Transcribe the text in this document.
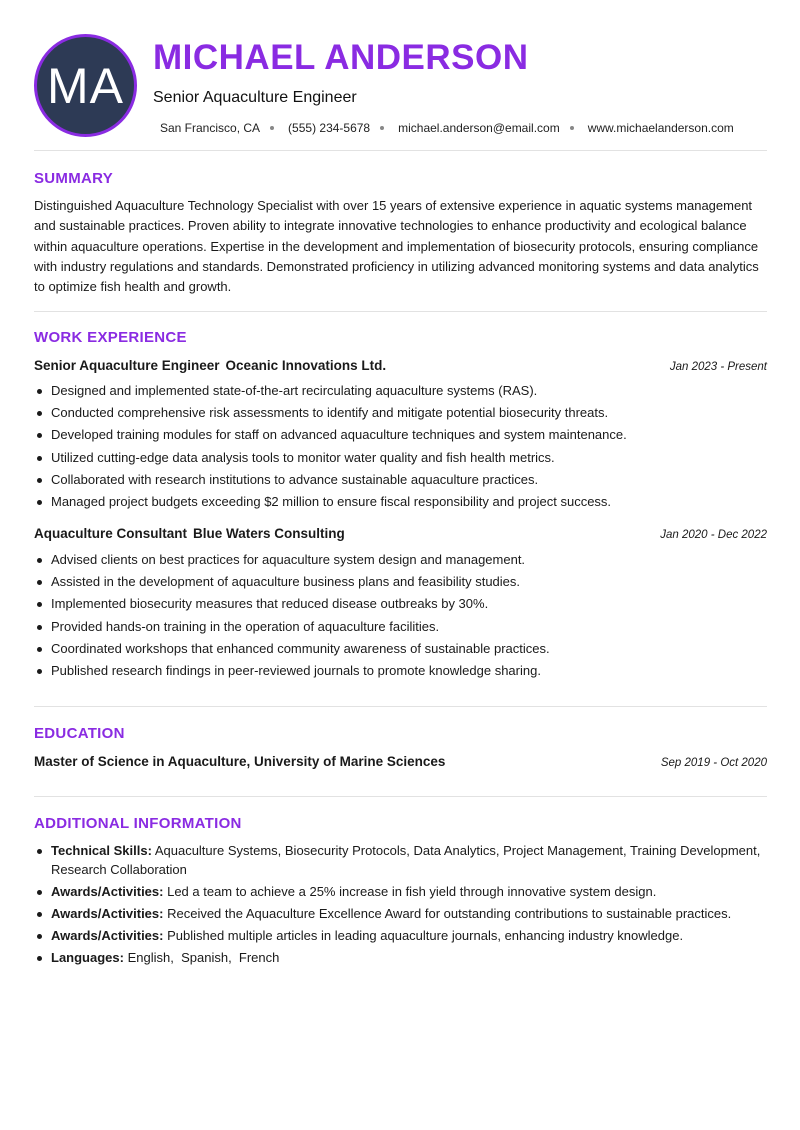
MA MICHAEL ANDERSON
Senior Aquaculture Engineer
San Francisco, CA (555) 234-5678 michael.anderson@email.com www.michaelanderson.com
SUMMARY

Distinguished Aquaculture Technology Specialist with over 15 years of extensive experience in aquatic systems management and sustainable practices. Proven ability to integrate innovative technologies to enhance productivity and ecological balance within aquaculture operations. Expertise in the development and implementation of biosecurity protocols, ensuring compliance with industry regulations and standards. Demonstrated proficiency in utilizing advanced monitoring systems and data analytics to optimize fish health and growth.

WORK EXPERIENCE
Senior Aquaculture Engineer Oceanic Innovations Ltd.	Jan 2023 - Present
Designed and implemented state-of-the-art recirculating aquaculture systems (RAS).
Conducted comprehensive risk assessments to identify and mitigate potential biosecurity threats.
Developed training modules for staff on advanced aquaculture techniques and system maintenance.
Utilized cutting-edge data analysis tools to monitor water quality and fish health metrics.
Collaborated with research institutions to advance sustainable aquaculture practices.
Managed project budgets exceeding $2 million to ensure fiscal responsibility and project success.
Aquaculture Consultant Blue Waters Consulting	Jan 2020 - Dec 2022
Advised clients on best practices for aquaculture system design and management.
Assisted in the development of aquaculture business plans and feasibility studies.
Implemented biosecurity measures that reduced disease outbreaks by 30%.
Provided hands-on training in the operation of aquaculture facilities.
Coordinated workshops that enhanced community awareness of sustainable practices.
Published research findings in peer-reviewed journals to promote knowledge sharing.
EDUCATION
Master of Science in Aquaculture, University of Marine Sciences	Sep 2019 - Oct 2020
ADDITIONAL INFORMATION
Technical Skills: Aquaculture Systems, Biosecurity Protocols, Data Analytics, Project Management, Training Development, Research Collaboration
Awards/Activities: Led a team to achieve a 25% increase in fish yield through innovative system design.
Awards/Activities: Received the Aquaculture Excellence Award for outstanding contributions to sustainable practices.
Awards/Activities: Published multiple articles in leading aquaculture journals, enhancing industry knowledge.
Languages: English , Spanish , French
